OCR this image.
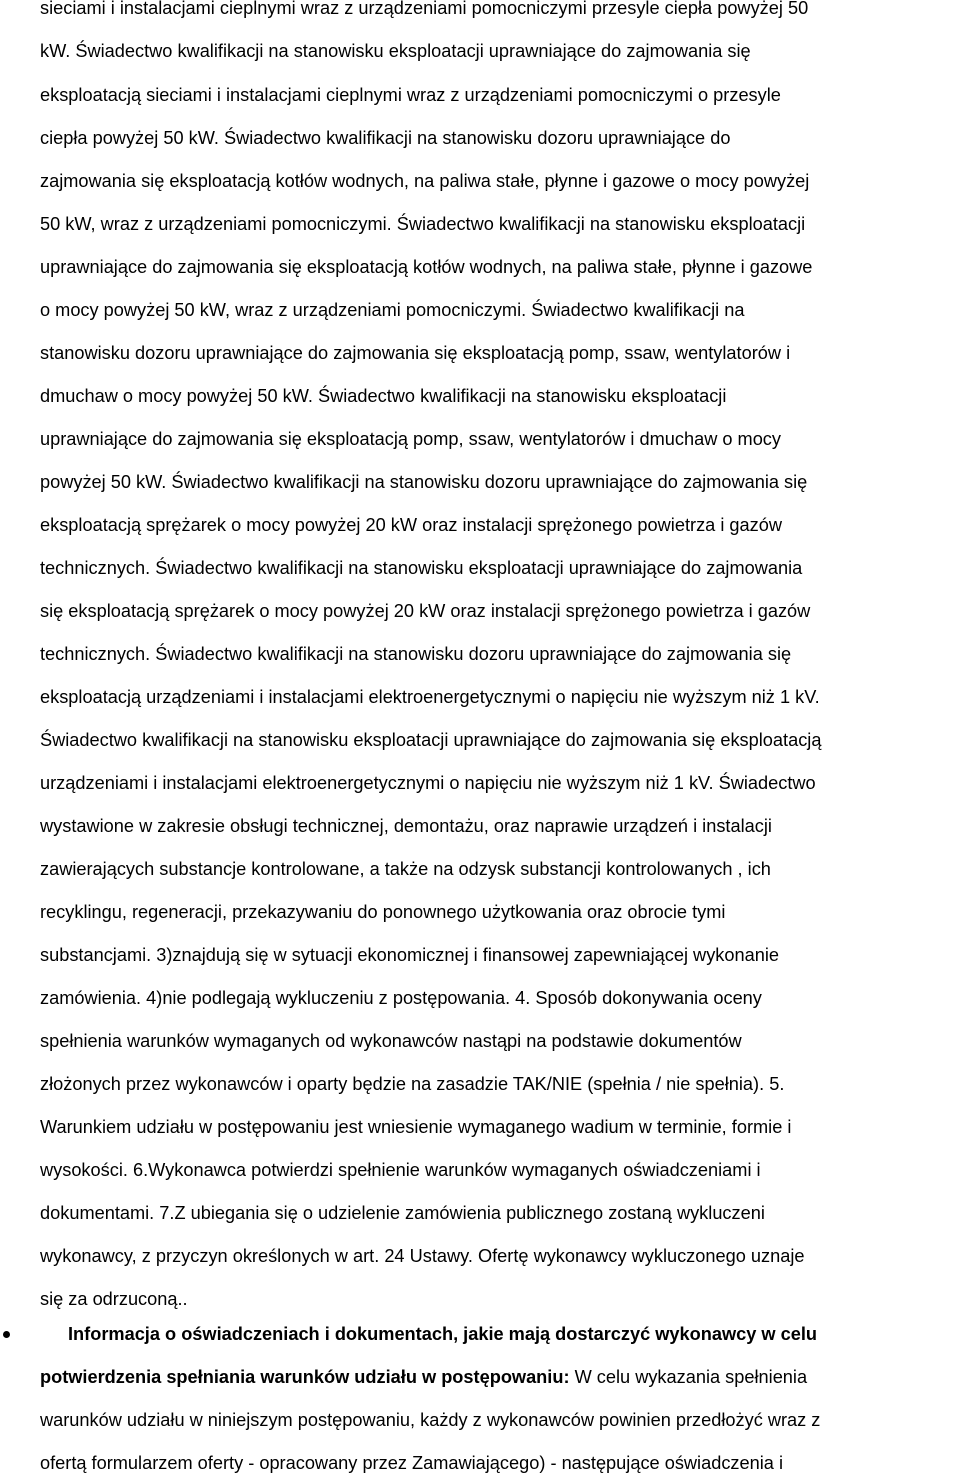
sieciami i instalacjami cieplnymi wraz z urządzeniami pomocniczymi przesyle ciepła powyżej 50
kW. Świadectwo kwalifikacji na stanowisku eksploatacji uprawniające do zajmowania się
eksploatacją sieciami i instalacjami cieplnymi wraz z urządzeniami pomocniczymi o przesyle
ciepła powyżej 50 kW. Świadectwo kwalifikacji na stanowisku dozoru uprawniające do
zajmowania się eksploatacją kotłów wodnych, na paliwa stałe, płynne i gazowe o mocy powyżej
50 kW, wraz z urządzeniami pomocniczymi. Świadectwo kwalifikacji na stanowisku eksploatacji
uprawniające do zajmowania się eksploatacją kotłów wodnych, na paliwa stałe, płynne i gazowe
o mocy powyżej 50 kW, wraz z urządzeniami pomocniczymi. Świadectwo kwalifikacji na
stanowisku dozoru uprawniające do zajmowania się eksploatacją pomp, ssaw, wentylatorów i
dmuchaw o mocy powyżej 50 kW. Świadectwo kwalifikacji na stanowisku eksploatacji
uprawniające do zajmowania się eksploatacją pomp, ssaw, wentylatorów i dmuchaw o mocy
powyżej 50 kW. Świadectwo kwalifikacji na stanowisku dozoru uprawniające do zajmowania się
eksploatacją sprężarek o mocy powyżej 20 kW oraz instalacji sprężonego powietrza i gazów
technicznych. Świadectwo kwalifikacji na stanowisku eksploatacji uprawniające do zajmowania
się eksploatacją sprężarek o mocy powyżej 20 kW oraz instalacji sprężonego powietrza i gazów
technicznych. Świadectwo kwalifikacji na stanowisku dozoru uprawniające do zajmowania się
eksploatacją urządzeniami i instalacjami elektroenergetycznymi o napięciu nie wyższym niż 1 kV.
Świadectwo kwalifikacji na stanowisku eksploatacji uprawniające do zajmowania się eksploatacją
urządzeniami i instalacjami elektroenergetycznymi o napięciu nie wyższym niż 1 kV. Świadectwo
wystawione w zakresie obsługi technicznej, demontażu, oraz naprawie urządzeń i instalacji
zawierających substancje kontrolowane, a także na odzysk substancji kontrolowanych , ich
recyklingu, regeneracji, przekazywaniu do ponownego użytkowania oraz obrocie tymi
substancjami. 3)znajdują się w sytuacji ekonomicznej i finansowej zapewniającej wykonanie
zamówienia. 4)nie podlegają wykluczeniu z postępowania. 4. Sposób dokonywania oceny
spełnienia warunków wymaganych od wykonawców nastąpi na podstawie dokumentów
złożonych przez wykonawców i oparty będzie na zasadzie TAK/NIE (spełnia / nie spełnia). 5.
Warunkiem udziału w postępowaniu jest wniesienie wymaganego wadium w terminie, formie i
wysokości. 6.Wykonawca potwierdzi spełnienie warunków wymaganych oświadczeniami i
dokumentami. 7.Z ubiegania się o udzielenie zamówienia publicznego zostaną wykluczeni
wykonawcy, z przyczyn określonych w art. 24 Ustawy. Ofertę wykonawcy wykluczonego uznaje
się za odrzuconą..
Informacja o oświadczeniach i dokumentach, jakie mają dostarczyć wykonawcy w celu
potwierdzenia spełniania warunków udziału w postępowaniu: W celu wykazania spełnienia
warunków udziału w niniejszym postępowaniu, każdy z wykonawców powinien przedłożyć wraz z
ofertą formularzem oferty - opracowany przez Zamawiającego) - następujące oświadczenia i
